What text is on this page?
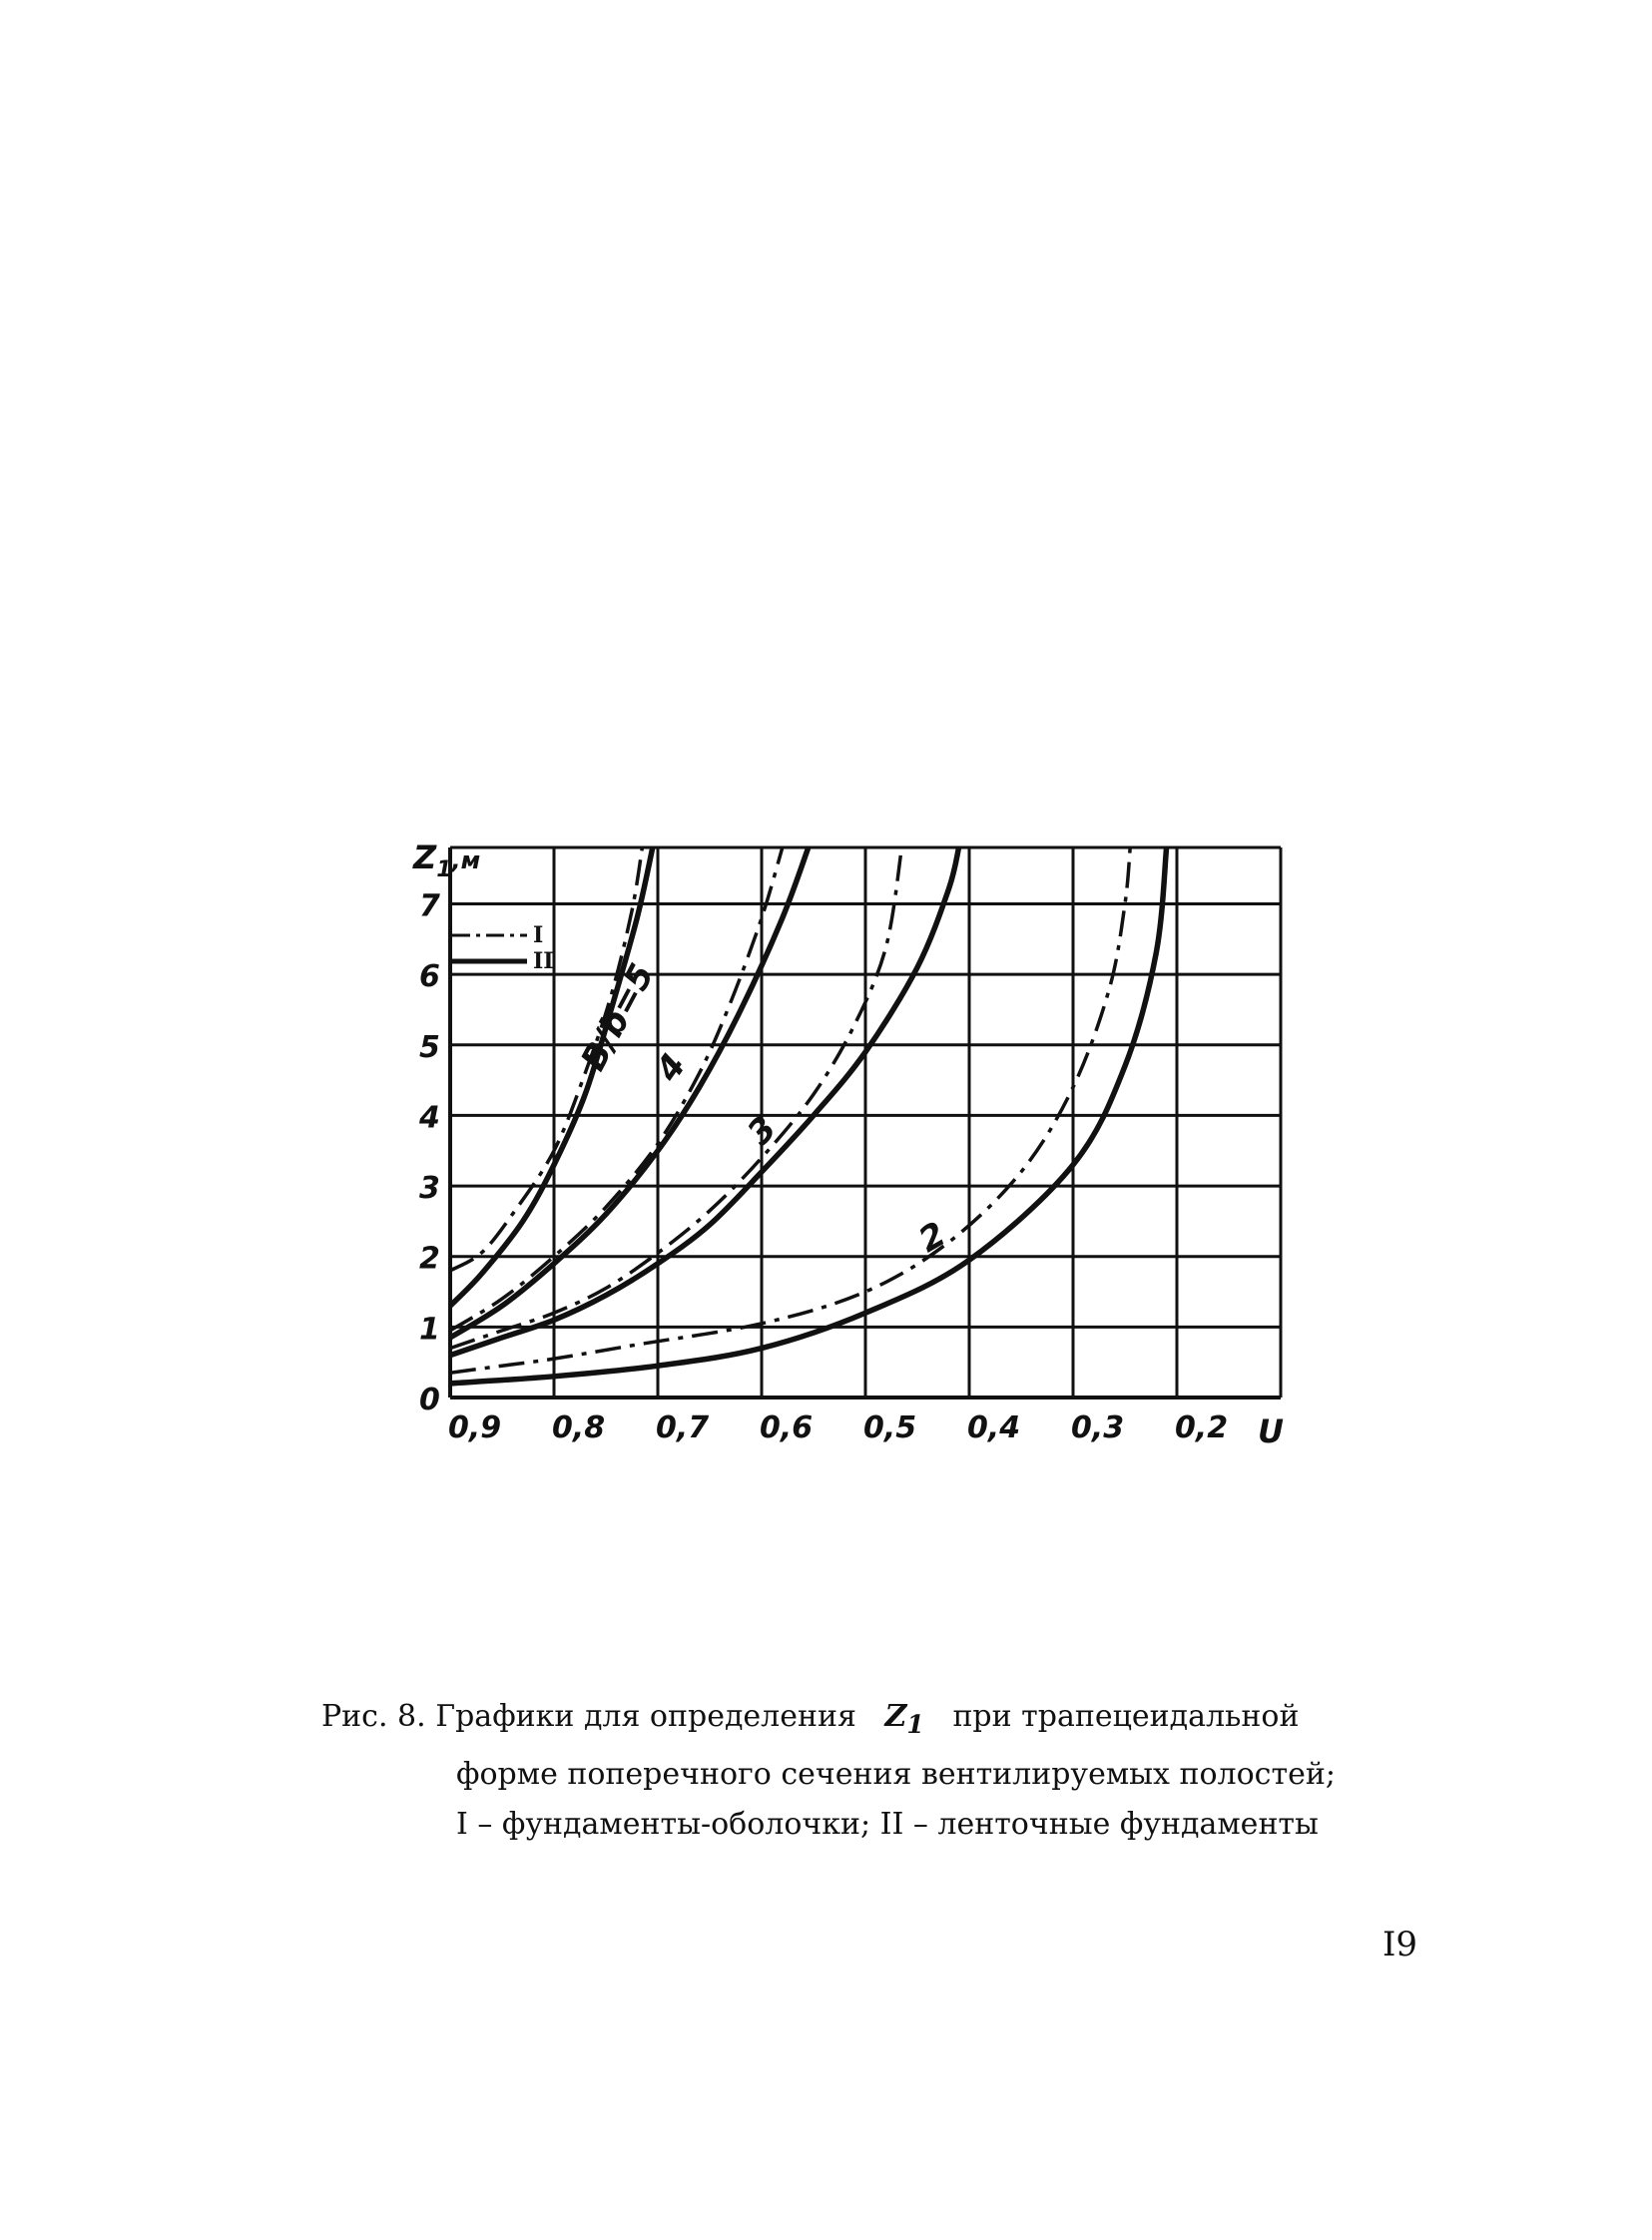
0
1
2
3
4
5
6
7
0,9 0,8 0,7 0,6 0,5 0,4 0,3 0,2
B/b=5
4
3
2
I
II
$Z_1^{,м}$
U
Рис. 8. Графики для определения $Z_1$ при трапецеидальной
форме поперечного сечения вентилируемых полостей;
I – фундаменты-оболочки; II – ленточные фундаменты
I9
